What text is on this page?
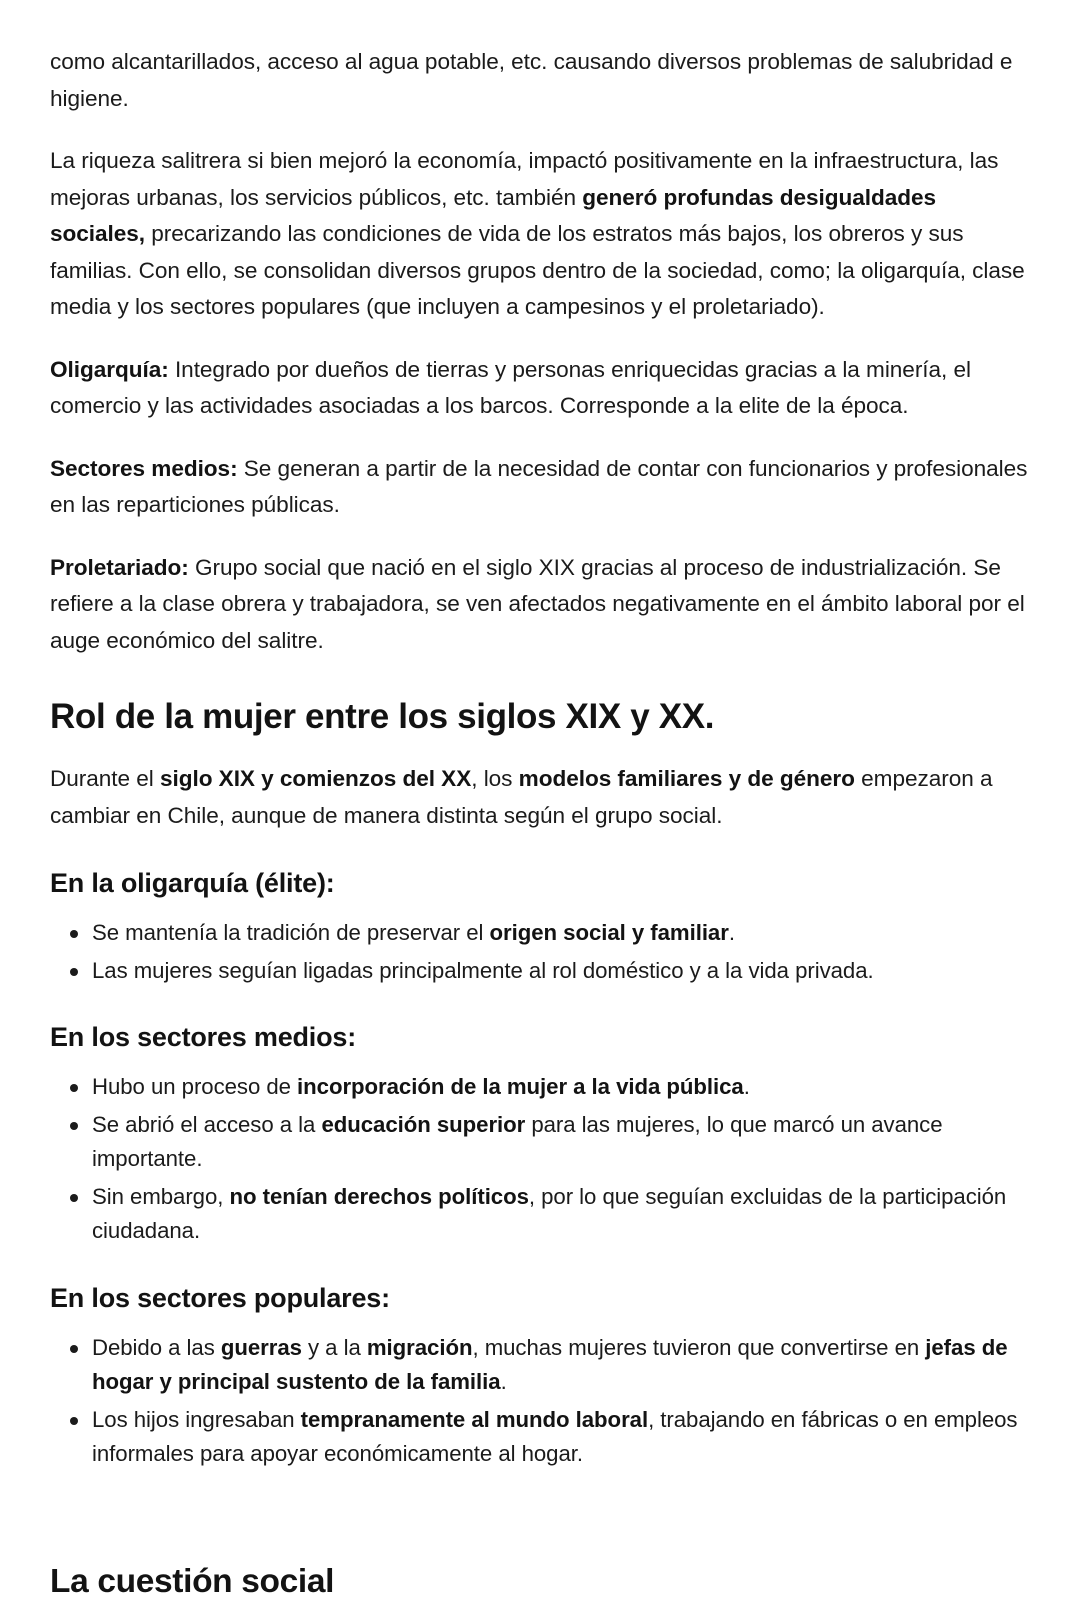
como alcantarillados, acceso al agua potable, etc. causando diversos problemas de salubridad e higiene.

La riqueza salitrera si bien mejoró la economía, impactó positivamente en la infraestructura, las mejoras urbanas, los servicios públicos, etc. también generó profundas desigualdades sociales, precarizando las condiciones de vida de los estratos más bajos, los obreros y sus familias. Con ello, se consolidan diversos grupos dentro de la sociedad, como; la oligarquía, clase media y los sectores populares (que incluyen a campesinos y el proletariado).

Oligarquía: Integrado por dueños de tierras y personas enriquecidas gracias a la minería, el comercio y las actividades asociadas a los barcos. Corresponde a la elite de la época.

Sectores medios: Se generan a partir de la necesidad de contar con funcionarios y profesionales en las reparticiones públicas.

Proletariado: Grupo social que nació en el siglo XIX gracias al proceso de industrialización. Se refiere a la clase obrera y trabajadora, se ven afectados negativamente en el ámbito laboral por el auge económico del salitre.

Rol de la mujer entre los siglos XIX y XX.

Durante el siglo XIX y comienzos del XX, los modelos familiares y de género empezaron a cambiar en Chile, aunque de manera distinta según el grupo social.

En la oligarquía (élite):
Se mantenía la tradición de preservar el origen social y familiar.
Las mujeres seguían ligadas principalmente al rol doméstico y a la vida privada.
En los sectores medios:
Hubo un proceso de incorporación de la mujer a la vida pública.
Se abrió el acceso a la educación superior para las mujeres, lo que marcó un avance importante.
Sin embargo, no tenían derechos políticos, por lo que seguían excluidas de la participación ciudadana.
En los sectores populares:
Debido a las guerras y a la migración, muchas mujeres tuvieron que convertirse en jefas de hogar y principal sustento de la familia.
Los hijos ingresaban tempranamente al mundo laboral, trabajando en fábricas o en empleos informales para apoyar económicamente al hogar.
La cuestión social
